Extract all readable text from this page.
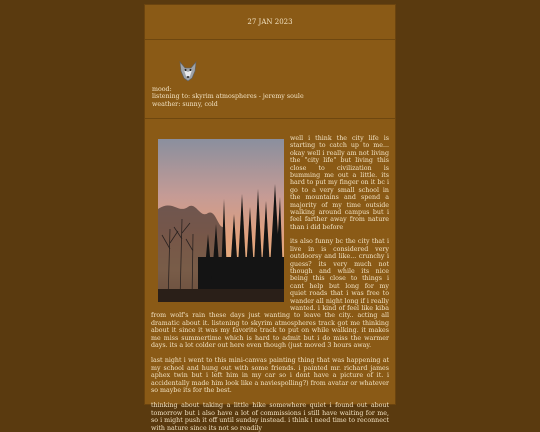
27 JAN 2023
mood:
listening to: skyrim atmospheres - jeremy soule
weather: sunny, cold

well i think the city life is starting to catch up to me... okay well i really am not living the "city life" but living this close to civilization is bumming me out a little. its hard to put my finger on it bc i go to a very small school in the mountains and spend a majority of my time outside walking around campus but i feel farther away from nature than i did before

its also funny bc the city that i live in is considered very outdoorsy and like... crunchy i guess? its very much not though and while its nice being this close to things i cant help but long for my quiet roads that i was free to wander all night long if i really wanted. i kind of feel like kiba from wolf's rain these days just wanting to leave the city.. acting all dramatic about it. listening to skyrim atmospheres track got me thinking about it since it was my favorite track to put on while walking. it makes me miss summertime which is hard to admit but i do miss the warmer days. its a lot colder out here even though (just moved 3 hours away.

last night i went to this mini-canvas painting thing that was happening at my school and hung out with some friends. i painted mr. richard james aphex twin but i left him in my car so i dont have a picture of it. i accidentally made him look like a naviespolling?) from avatar or whatever so maybe its for the best.

thinking about taking a little hike somewhere quiet i found out about tomorrow but i also have a lot of commissions i still have waiting for me, so i might push it off until sunday instead. i think i need time to reconnect with nature since its not so readily
